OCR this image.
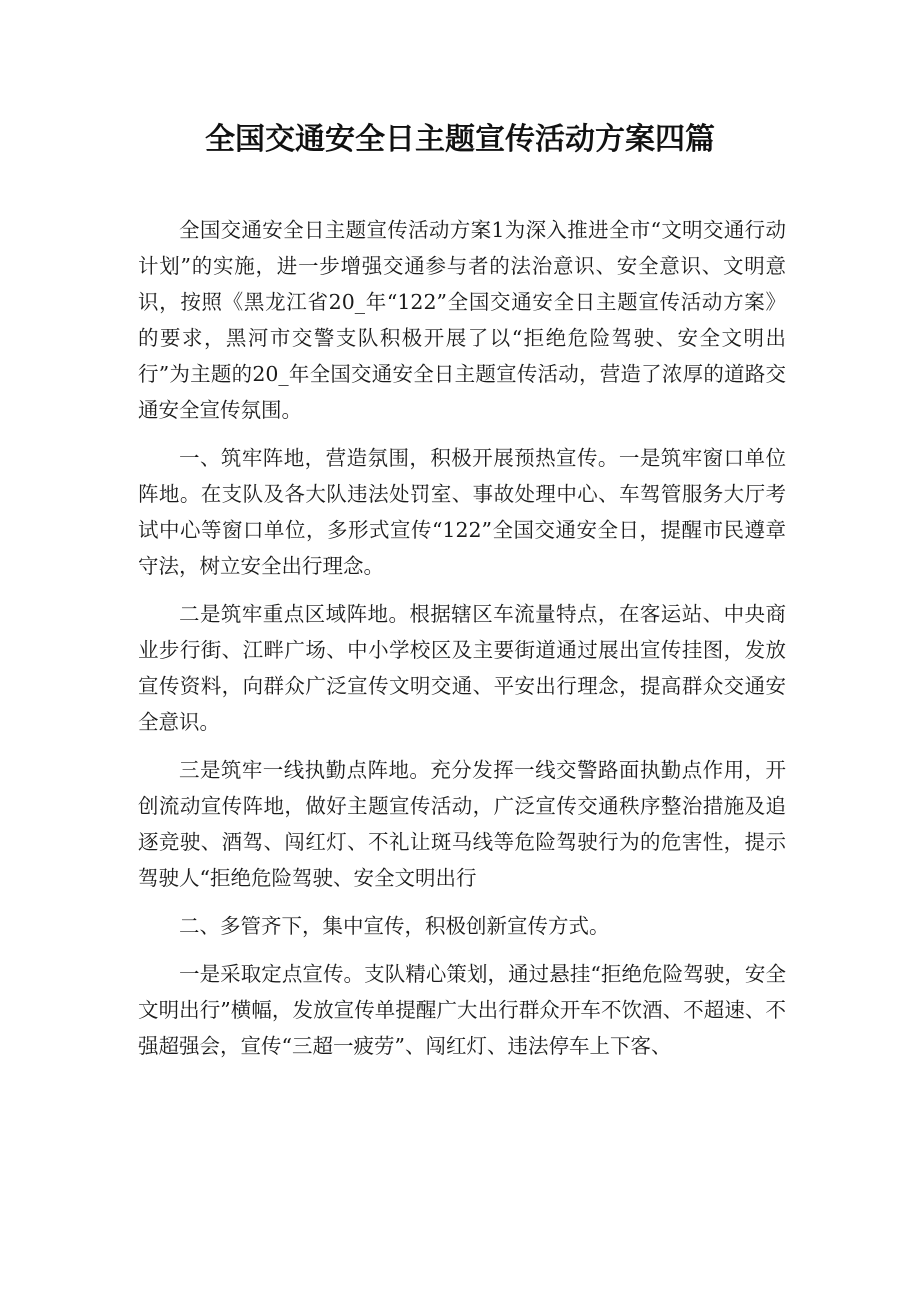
全国交通安全日主题宣传活动方案四篇

全国交通安全日主题宣传活动方案1为深入推进全市“文明交通行动计划”的实施，进一步增强交通参与者的法治意识、安全意识、文明意识，按照《黑龙江省20_年“122”全国交通安全日主题宣传活动方案》的要求，黑河市交警支队积极开展了以“拒绝危险驾驶、安全文明出行”为主题的20_年全国交通安全日主题宣传活动，营造了浓厚的道路交通安全宣传氛围。

一、筑牢阵地，营造氛围，积极开展预热宣传。一是筑牢窗口单位阵地。在支队及各大队违法处罚室、事故处理中心、车驾管服务大厅考试中心等窗口单位，多形式宣传“122”全国交通安全日，提醒市民遵章守法，树立安全出行理念。

二是筑牢重点区域阵地。根据辖区车流量特点，在客运站、中央商业步行街、江畔广场、中小学校区及主要街道通过展出宣传挂图，发放宣传资料，向群众广泛宣传文明交通、平安出行理念，提高群众交通安全意识。

三是筑牢一线执勤点阵地。充分发挥一线交警路面执勤点作用，开创流动宣传阵地，做好主题宣传活动，广泛宣传交通秩序整治措施及追逐竞驶、酒驾、闯红灯、不礼让斑马线等危险驾驶行为的危害性，提示驾驶人“拒绝危险驾驶、安全文明出行

二、多管齐下，集中宣传，积极创新宣传方式。

一是采取定点宣传。支队精心策划，通过悬挂“拒绝危险驾驶，安全文明出行”横幅，发放宣传单提醒广大出行群众开车不饮酒、不超速、不强超强会，宣传“三超一疲劳”、闯红灯、违法停车上下客、
